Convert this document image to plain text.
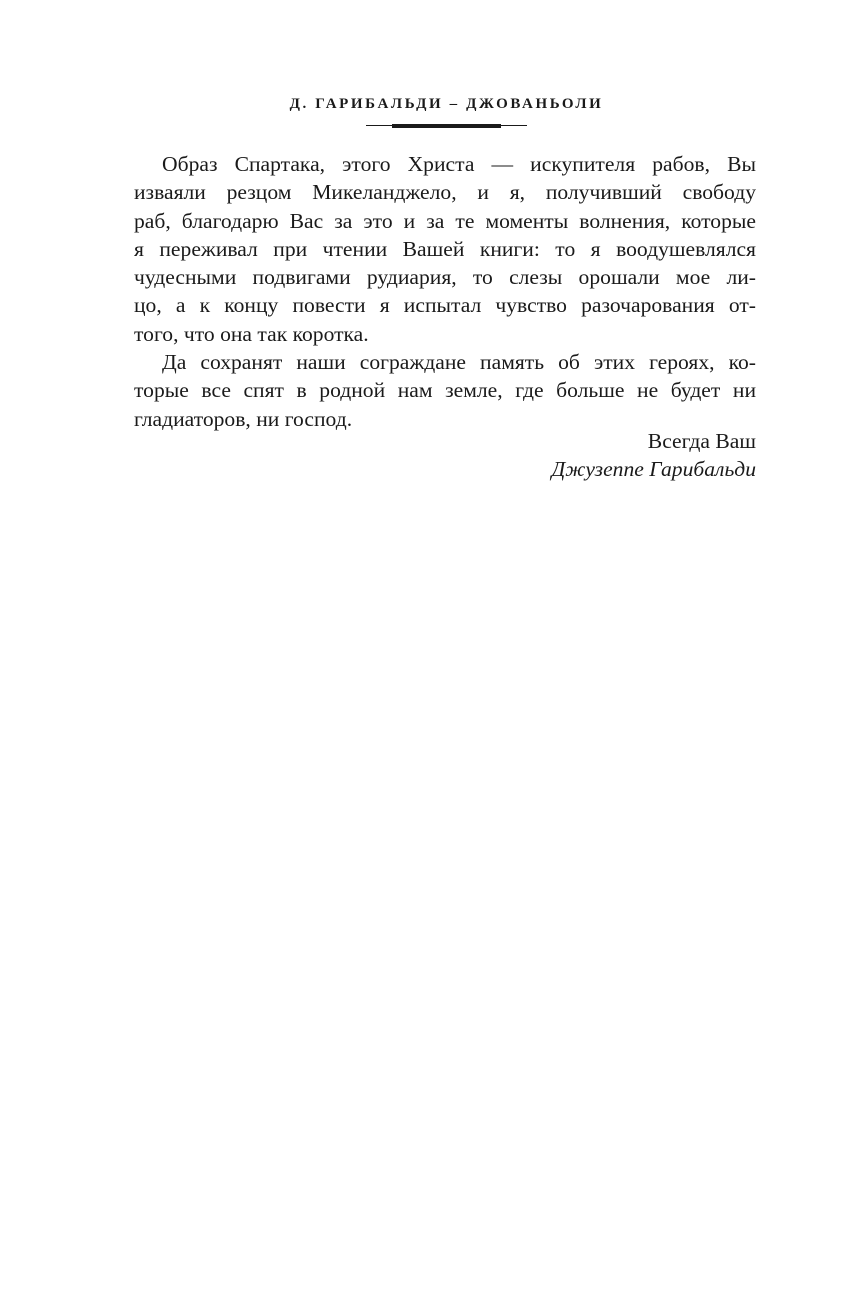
Д. ГАРИБАЛЬДИ – ДЖОВАНЬОЛИ
Образ Спартака, этого Христа — искупителя рабов, Вы
изваяли резцом Микеланджело, и я, получивший свободу
раб, благодарю Вас за это и за те моменты волнения, которые
я переживал при чтении Вашей книги: то я воодушевлялся
чудесными подвигами рудиария, то слезы орошали мое ли-
цо, а к концу повести я испытал чувство разочарования от-
того, что она так коротка.
Да сохранят наши сограждане память об этих героях, ко-
торые все спят в родной нам земле, где больше не будет ни
гладиаторов, ни господ.
Всегда Ваш
Джузеппе Гарибальди
